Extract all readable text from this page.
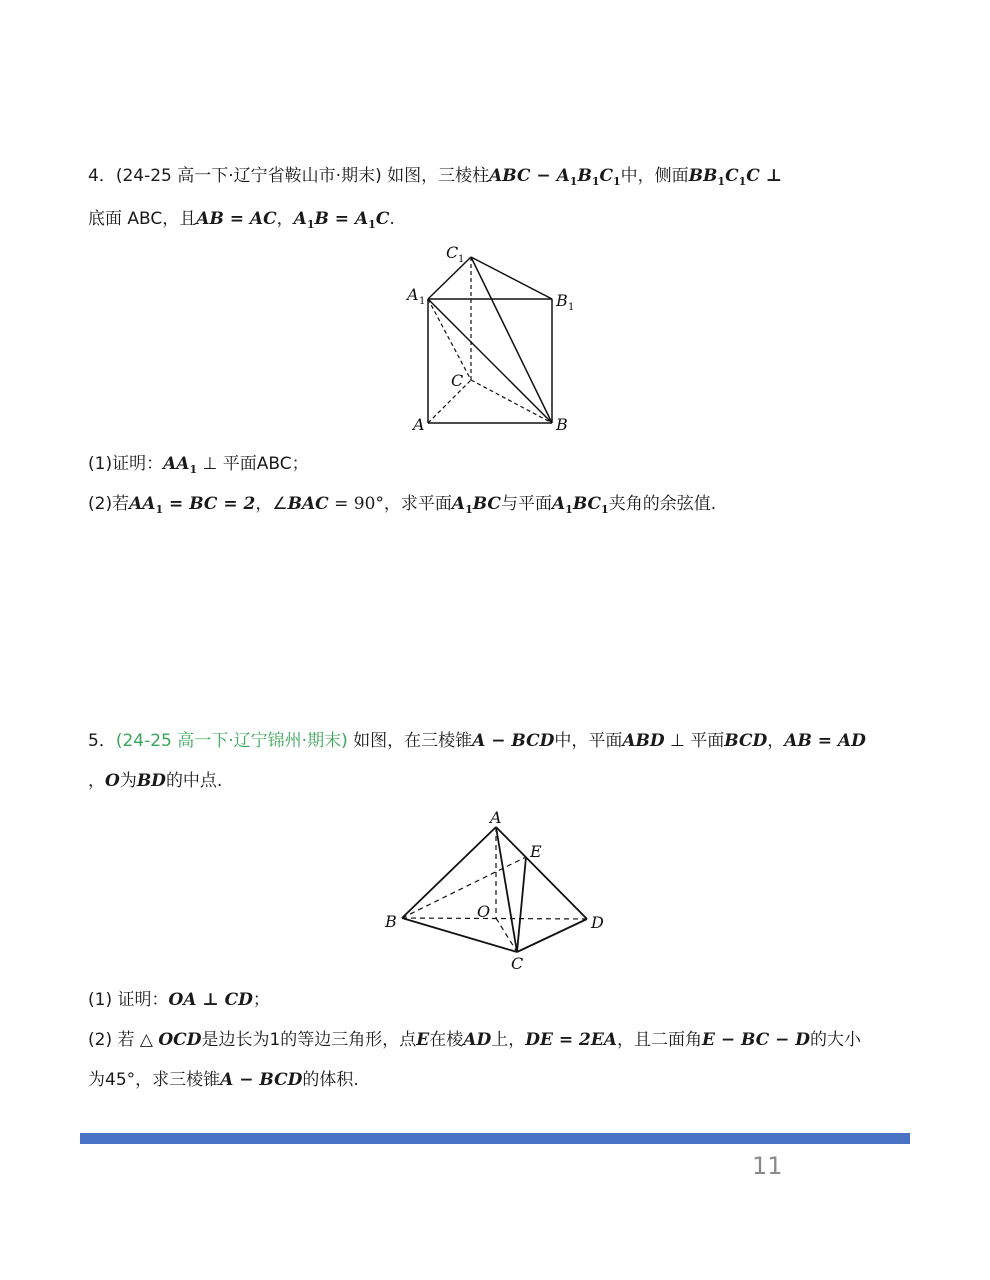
4．(24-25 高一下·辽宁省鞍山市·期末) 如图，三棱柱ABC − $A_1B_1C_1$中，侧面$BB_1C_1C$ ⊥
底面 ABC，且AB = AC，$A_1B = A_1C$.
C 1
A 1	B 1
C
A	B
(1)证明：$AA_1$ ⊥ 平面ABC；
(2)若$AA_1$ = BC = 2，∠BAC = 90°，求平面$A_1BC$与平面$A_1BC_1$夹角的余弦值.
5．(24-25 高一下·辽宁锦州·期末) 如图，在三棱锥A − BCD中，平面ABD ⊥ 平面BCD，AB = AD
，O为BD的中点.
A
E
O
B	D
C
(1) 证明：OA ⊥ CD；
(2) 若 △ OCD是边长为1的等边三角形，点E在棱AD上，DE = 2EA，且二面角E − BC − D的大小
为45°，求三棱锥A − BCD的体积.
11
